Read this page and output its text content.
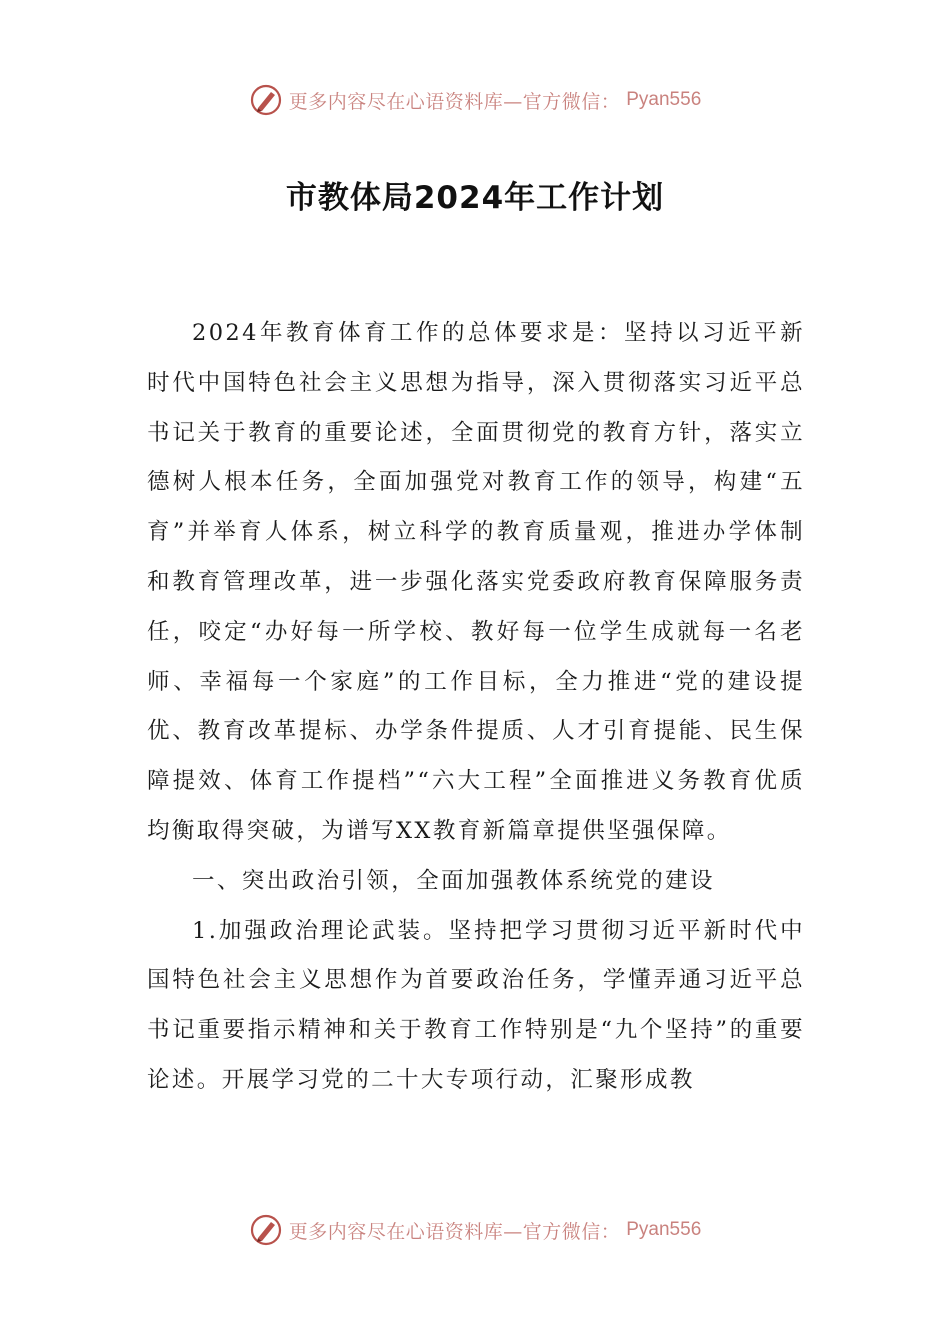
更多内容尽在心语资料库—官方微信： Pyan556
市教体局2024年工作计划

2024年教育体育工作的总体要求是：坚持以习近平新时代中国特色社会主义思想为指导，深入贯彻落实习近平总书记关于教育的重要论述，全面贯彻党的教育方针，落实立德树人根本任务，全面加强党对教育工作的领导，构建“五育”并举育人体系，树立科学的教育质量观，推进办学体制和教育管理改革，进一步强化落实党委政府教育保障服务责任，咬定“办好每一所学校、教好每一位学生成就每一名老师、幸福每一个家庭”的工作目标，全力推进“党的建设提优、教育改革提标、办学条件提质、人才引育提能、民生保障提效、体育工作提档”“六大工程”全面推进义务教育优质均衡取得突破，为谱写XX教育新篇章提供坚强保障。

一、突出政治引领，全面加强教体系统党的建设

1.加强政治理论武装。坚持把学习贯彻习近平新时代中国特色社会主义思想作为首要政治任务，学懂弄通习近平总书记重要指示精神和关于教育工作特别是“九个坚持”的重要论述。开展学习党的二十大专项行动，汇聚形成教

更多内容尽在心语资料库—官方微信： Pyan556
